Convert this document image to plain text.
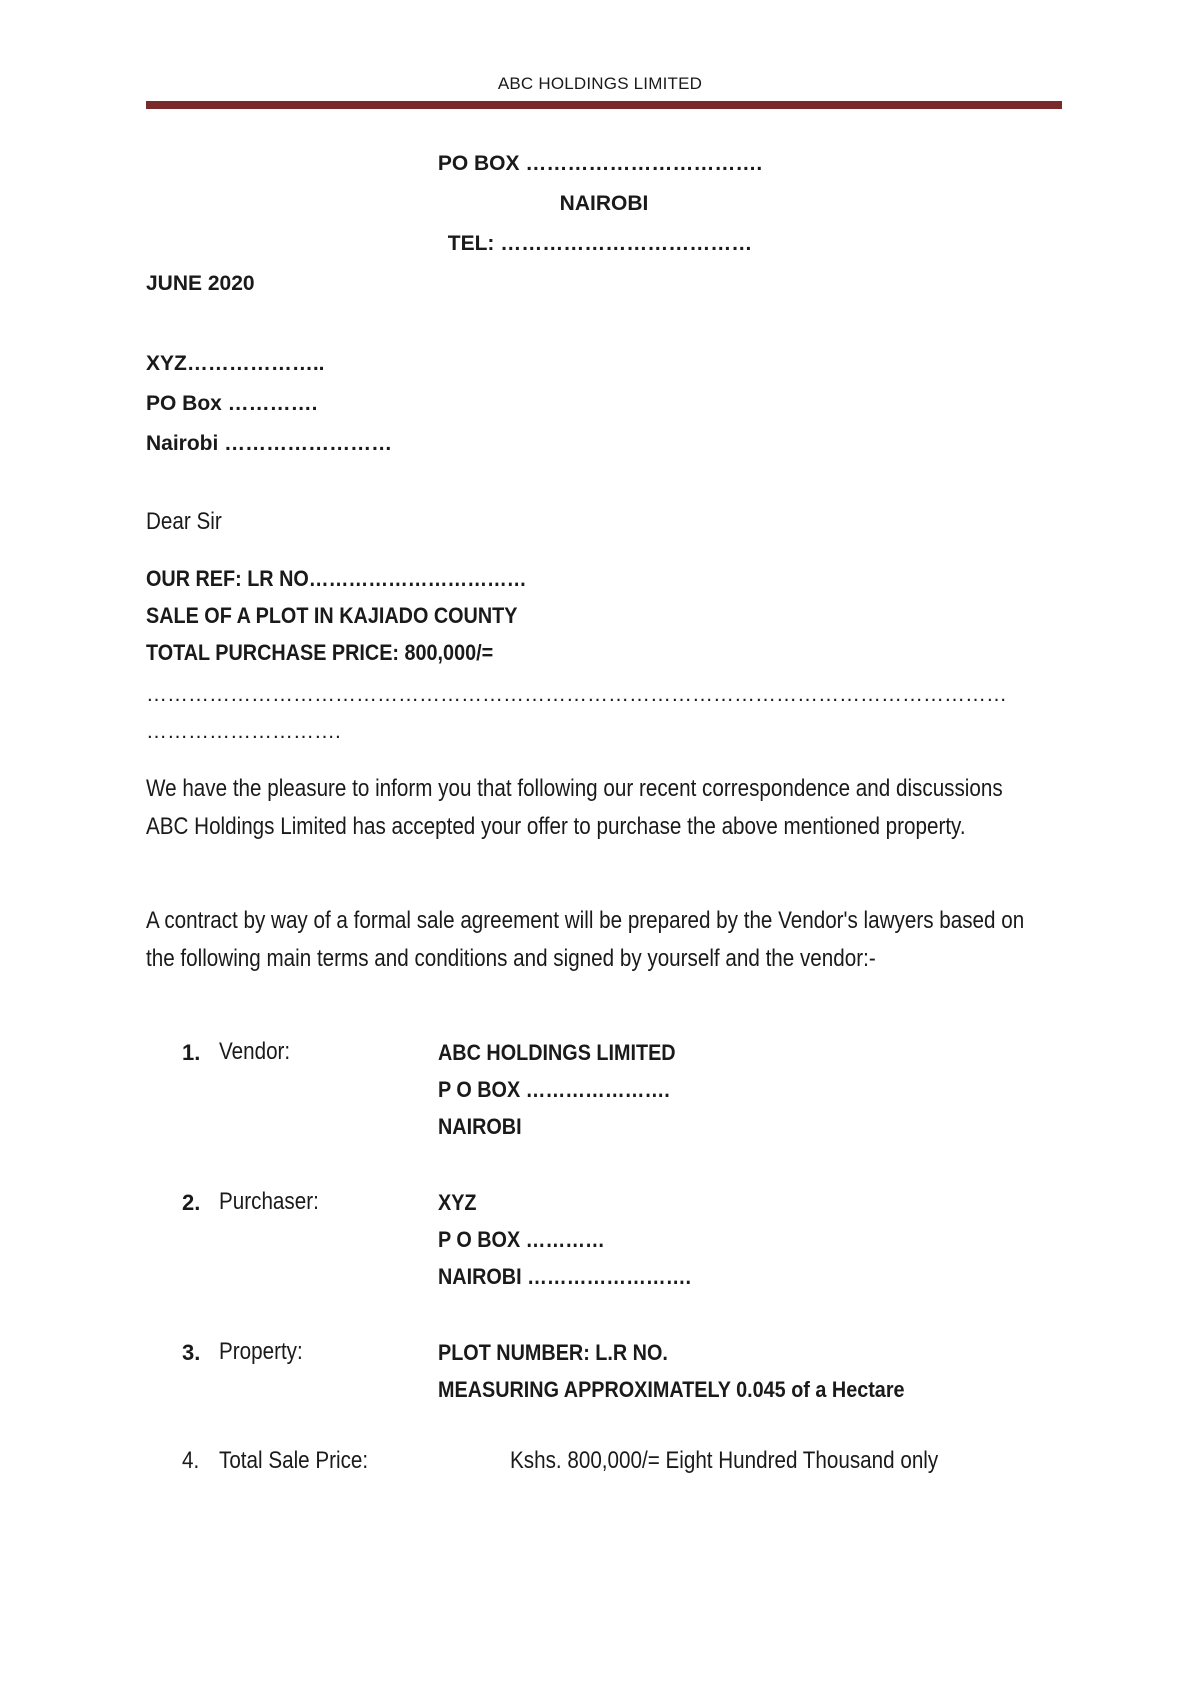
ABC HOLDINGS LIMITED
PO BOX …………………………….
NAIROBI
TEL: ………………………………
JUNE 2020
XYZ………………..
PO Box ………….
Nairobi ……………………
Dear Sir
OUR REF: LR NO……………………………
SALE OF A PLOT IN KAJIADO COUNTY
TOTAL PURCHASE PRICE: 800,000/=
……………………………………………………………………………………………………………
……………………….
We have the pleasure to inform you that following our recent correspondence and discussions ABC Holdings Limited has accepted your offer to purchase the above mentioned property.
A contract by way of a formal sale agreement will be prepared by the Vendor's lawyers based on the following main terms and conditions and signed by yourself and the vendor:-
1. Vendor:	ABC HOLDINGS LIMITED
P O BOX ………………….
NAIROBI
2. Purchaser:	XYZ
P O BOX …………
NAIROBI …………………….
3. Property:	PLOT NUMBER: L.R NO.
MEASURING APPROXIMATELY 0.045 of a Hectare
4. Total Sale Price:	Kshs. 800,000/= Eight Hundred Thousand only
